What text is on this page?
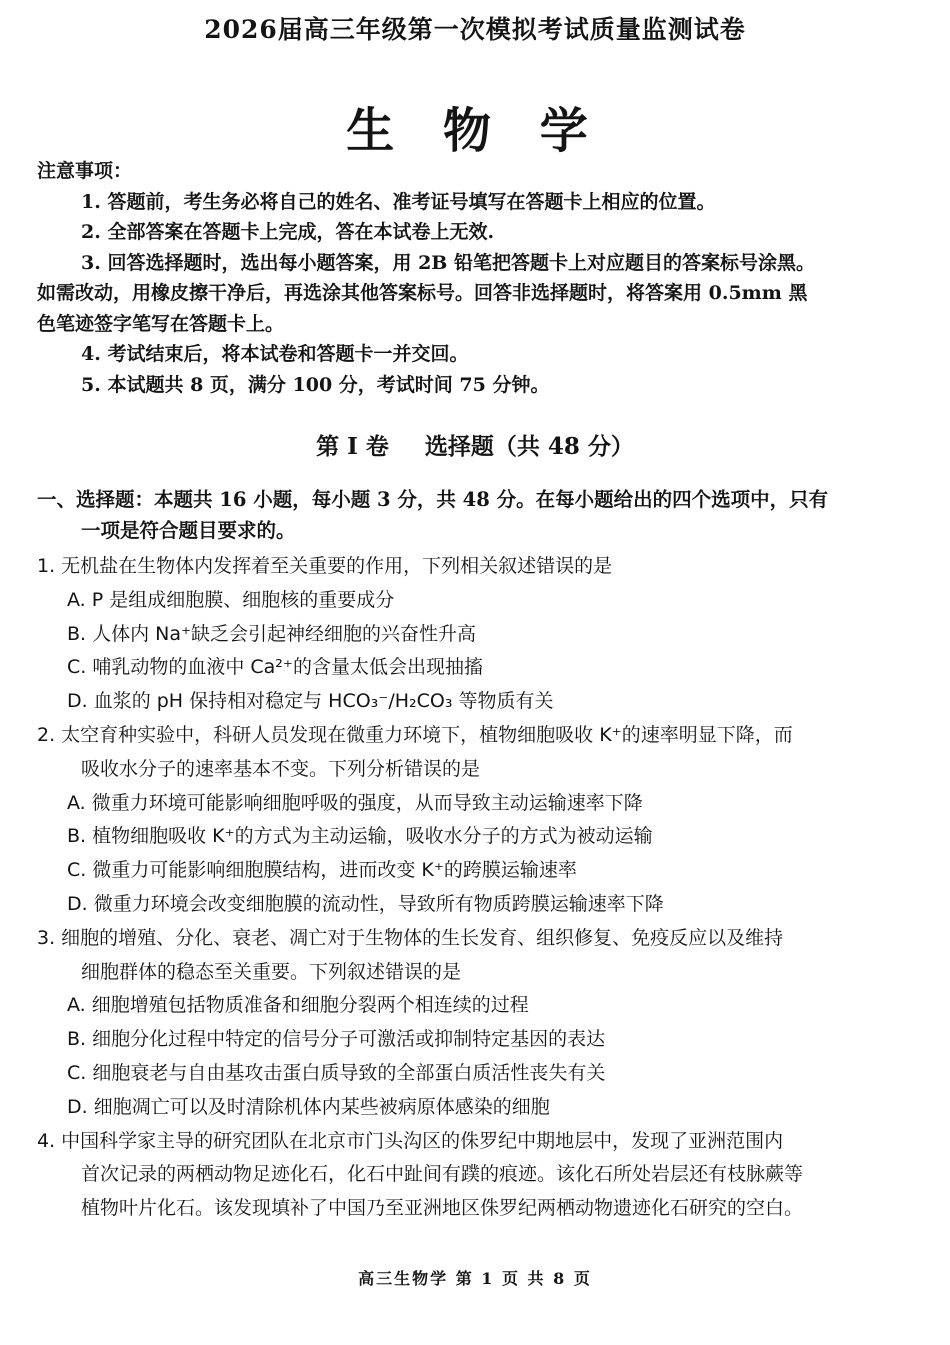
2026届高三年级第一次模拟考试质量监测试卷
生 物 学
注意事项：
1. 答题前，考生务必将自己的姓名、准考证号填写在答题卡上相应的位置。
2. 全部答案在答题卡上完成，答在本试卷上无效.
3. 回答选择题时，选出每小题答案，用 2B 铅笔把答题卡上对应题目的答案标号涂黑。
如需改动，用橡皮擦干净后，再选涂其他答案标号。回答非选择题时，将答案用 0.5mm 黑
色笔迹签字笔写在答题卡上。
4. 考试结束后，将本试卷和答题卡一并交回。
5. 本试题共 8 页，满分 100 分，考试时间 75 分钟。
第 I 卷 选择题（共 48 分）
一、选择题：本题共 16 小题，每小题 3 分，共 48 分。在每小题给出的四个选项中，只有
一项是符合题目要求的。
1. 无机盐在生物体内发挥着至关重要的作用，下列相关叙述错误的是
A. P 是组成细胞膜、细胞核的重要成分
B. 人体内 Na⁺缺乏会引起神经细胞的兴奋性升高
C. 哺乳动物的血液中 Ca²⁺的含量太低会出现抽搐
D. 血浆的 pH 保持相对稳定与 HCO₃⁻/H₂CO₃ 等物质有关
2. 太空育种实验中，科研人员发现在微重力环境下，植物细胞吸收 K⁺的速率明显下降，而
吸收水分子的速率基本不变。下列分析错误的是
A. 微重力环境可能影响细胞呼吸的强度，从而导致主动运输速率下降
B. 植物细胞吸收 K⁺的方式为主动运输，吸收水分子的方式为被动运输
C. 微重力可能影响细胞膜结构，进而改变 K⁺的跨膜运输速率
D. 微重力环境会改变细胞膜的流动性，导致所有物质跨膜运输速率下降
3. 细胞的增殖、分化、衰老、凋亡对于生物体的生长发育、组织修复、免疫反应以及维持
细胞群体的稳态至关重要。下列叙述错误的是
A. 细胞增殖包括物质准备和细胞分裂两个相连续的过程
B. 细胞分化过程中特定的信号分子可激活或抑制特定基因的表达
C. 细胞衰老与自由基攻击蛋白质导致的全部蛋白质活性丧失有关
D. 细胞凋亡可以及时清除机体内某些被病原体感染的细胞
4. 中国科学家主导的研究团队在北京市门头沟区的侏罗纪中期地层中，发现了亚洲范围内
首次记录的两栖动物足迹化石，化石中趾间有蹼的痕迹。该化石所处岩层还有枝脉蕨等
植物叶片化石。该发现填补了中国乃至亚洲地区侏罗纪两栖动物遗迹化石研究的空白。
高三生物学 第 1 页 共 8 页
